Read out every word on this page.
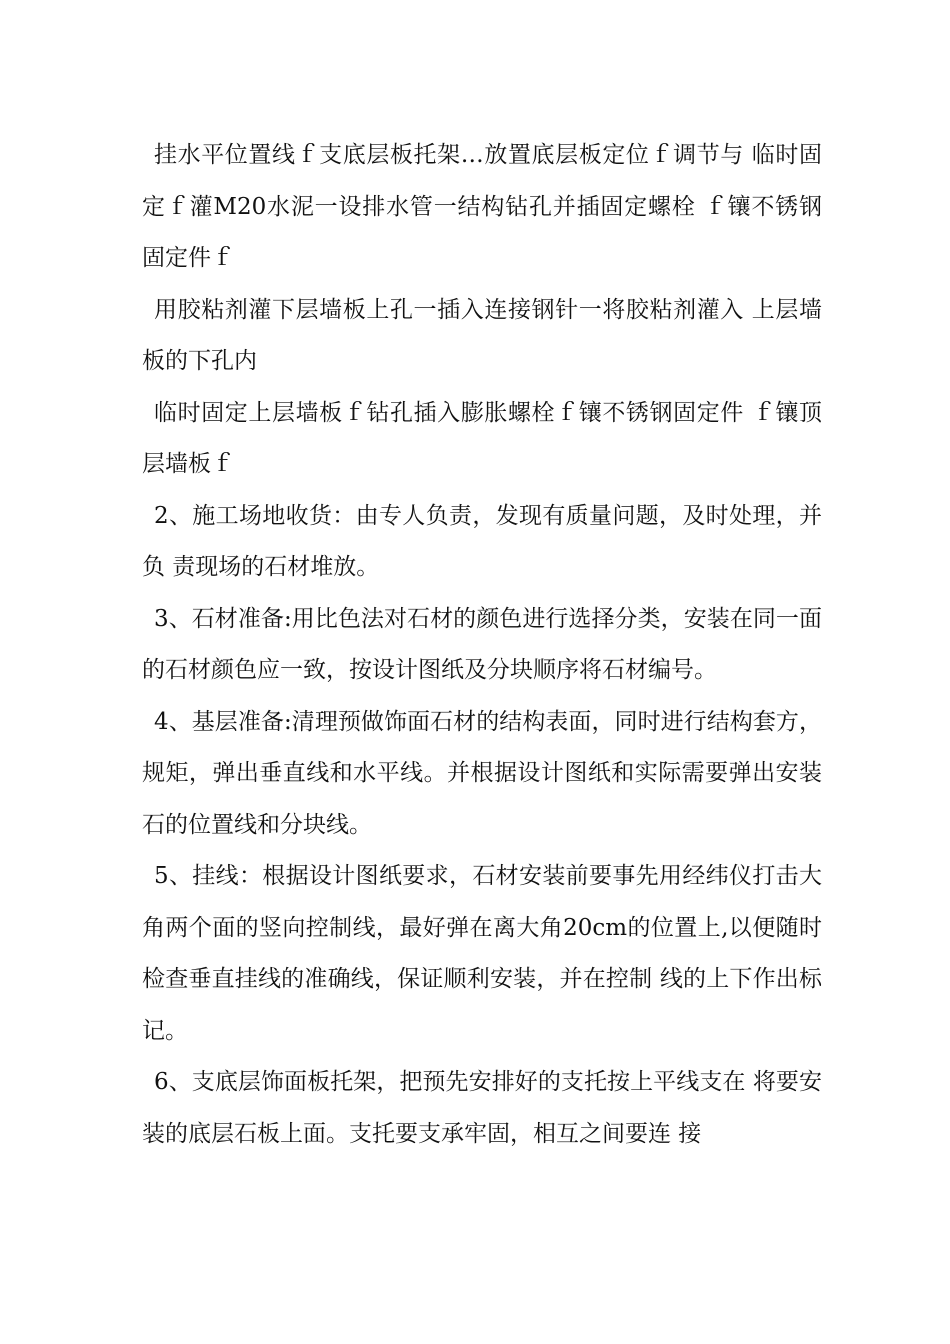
挂水平位置线ｆ支底层板托架…放置底层板定位ｆ调节与 临时固定ｆ灌M20水泥一设排水管一结构钻孔并插固定螺栓 ｆ镶不锈钢固定件ｆ

用胶粘剂灌下层墙板上孔一插入连接钢针一将胶粘剂灌入 上层墙板的下孔内

临时固定上层墙板ｆ钻孔插入膨胀螺栓ｆ镶不锈钢固定件 ｆ镶顶层墙板ｆ

2、施工场地收货：由专人负责，发现有质量问题，及时处理，并负 责现场的石材堆放。

3、石材准备:用比色法对石材的颜色进行选择分类，安装在同一面的石材颜色应一致，按设计图纸及分块顺序将石材编号。

4、基层准备:清理预做饰面石材的结构表面，同时进行结构套方，规矩，弹出垂直线和水平线。并根据设计图纸和实际需要弹出安装石的位置线和分块线。

5、挂线：根据设计图纸要求，石材安装前要事先用经纬仪打击大角两个面的竖向控制线，最好弹在离大角20cm的位置上,以便随时检查垂直挂线的准确线，保证顺利安装，并在控制 线的上下作出标记。

6、支底层饰面板托架，把预先安排好的支托按上平线支在 将要安装的底层石板上面。支托要支承牢固，相互之间要连 接
